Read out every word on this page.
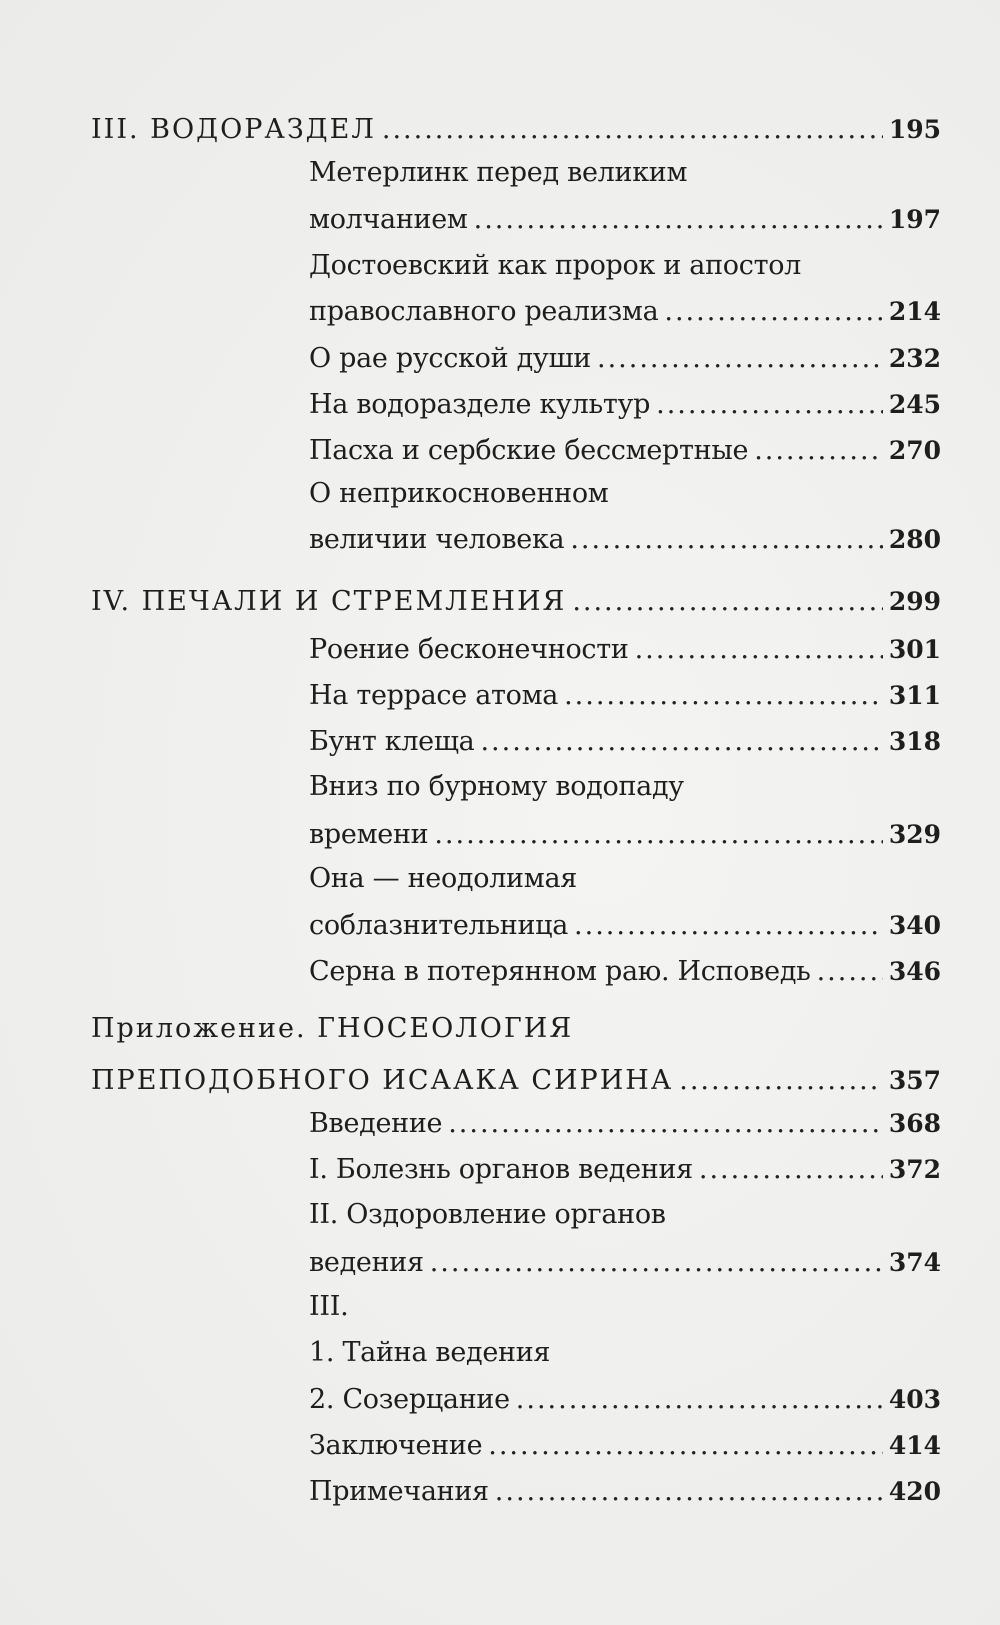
III. ВОДОРАЗДЕЛ .....	195
Метерлинк перед великим
молчанием .....	197
Достоевский как пророк и апостол
православного реализма .....	214
О рае русской души .....	232
На водоразделе культур .....	245
Пасха и сербские бессмертные .....	270
О неприкосновенном
величии человека .....	280
IV. ПЕЧАЛИ И СТРЕМЛЕНИЯ .....	299
Роение бесконечности .....	301
На террасе атома .....	311
Бунт клеща .....	318
Вниз по бурному водопаду
времени .....	329
Она — неодолимая
соблазнительница .....	340
Серна в потерянном раю. Исповедь .....	346
Приложение. ГНОСЕОЛОГИЯ
ПРЕПОДОБНОГО ИСААКА СИРИНА .....	357
Введение .....	368
I. Болезнь органов ведения .....	372
II. Оздоровление органов
ведения .....	374
III.
1. Тайна ведения
2. Созерцание .....	403
Заключение .....	414
Примечания .....	420
